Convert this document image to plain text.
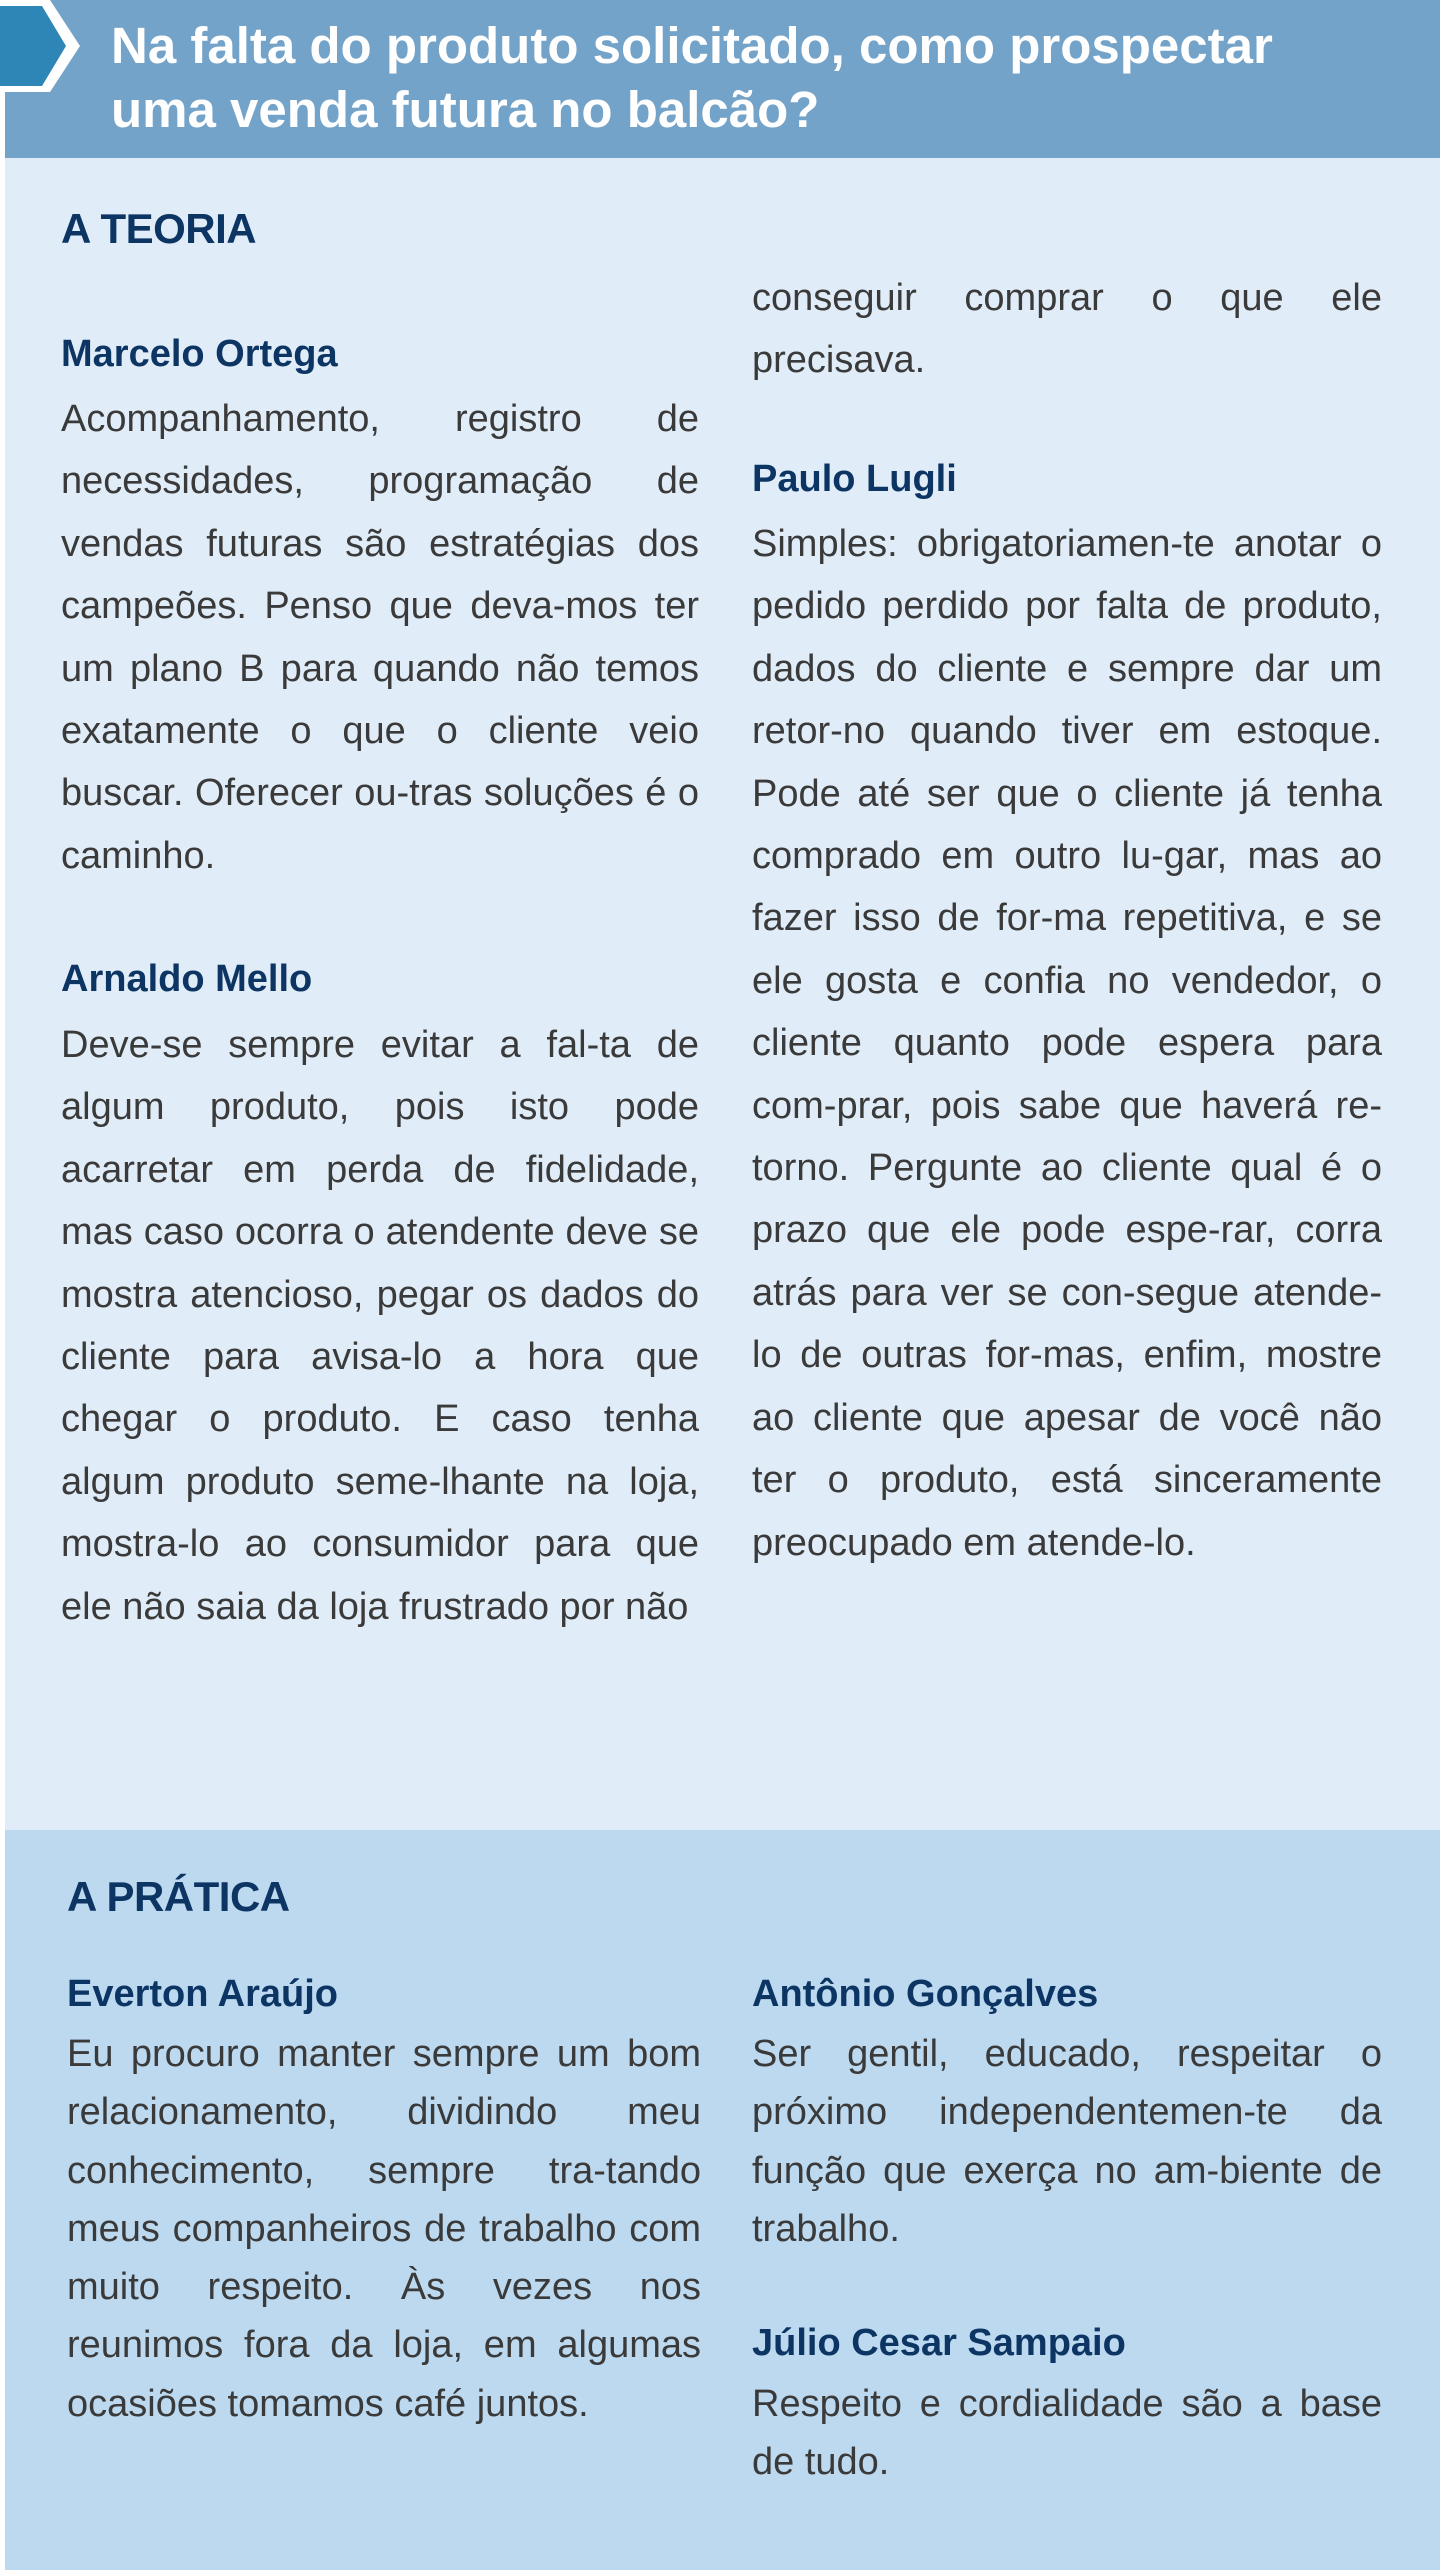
Na falta do produto solicitado, como prospectar
uma venda futura no balcão?
A TEORIA
Marcelo Ortega

Acompanhamento, registro de necessidades, programação de vendas futuras são estratégias dos campeões. Penso que deva-mos ter um plano B para quando não temos exatamente o que o cliente veio buscar. Oferecer ou-tras soluções é o caminho.

Arnaldo Mello

Deve-se sempre evitar a fal-ta de algum produto, pois isto pode acarretar em perda de fidelidade, mas caso ocorra o atendente deve se mostra atencioso, pegar os dados do cliente para avisa-lo a hora que chegar o produto. E caso tenha algum produto seme-lhante na loja, mostra-lo ao consumidor para que ele não saia da loja frustrado por não

conseguir comprar o que ele precisava.

Paulo Lugli

Simples: obrigatoriamen-te anotar o pedido perdido por falta de produto, dados do cliente e sempre dar um retor-no quando tiver em estoque. Pode até ser que o cliente já tenha comprado em outro lu-gar, mas ao fazer isso de for-ma repetitiva, e se ele gosta e confia no vendedor, o cliente quanto pode espera para com-prar, pois sabe que haverá re-torno. Pergunte ao cliente qual é o prazo que ele pode espe-rar, corra atrás para ver se con-segue atende-lo de outras for-mas, enfim, mostre ao cliente que apesar de você não ter o produto, está sinceramente preocupado em atende-lo.

A PRÁTICA
Everton Araújo

Eu procuro manter sempre um bom relacionamento, dividindo meu conhecimento, sempre tra-tando meus companheiros de trabalho com muito respeito. Às vezes nos reunimos fora da loja, em algumas ocasiões tomamos café juntos.

Antônio Gonçalves

Ser gentil, educado, respeitar o próximo independentemen-te da função que exerça no am-biente de trabalho.

Júlio Cesar Sampaio

Respeito e cordialidade são a base de tudo.
